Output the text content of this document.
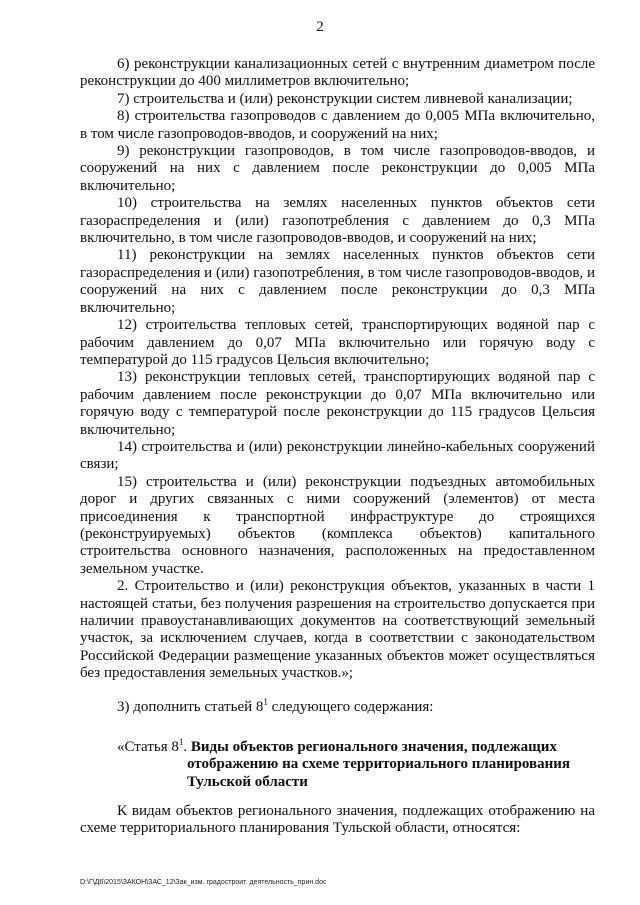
2

6) реконструкции канализационных сетей с внутренним диаметром после реконструкции до 400 миллиметров включительно;

7) строительства и (или) реконструкции систем ливневой канализации;

8) строительства газопроводов с давлением до 0,005 МПа включительно, в том числе газопроводов-вводов, и сооружений на них;

9) реконструкции газопроводов, в том числе газопроводов-вводов, и сооружений на них с давлением после реконструкции до 0,005 МПа включительно;

10) строительства на землях населенных пунктов объектов сети газораспределения и (или) газопотребления с давлением до 0,3 МПа включительно, в том числе газопроводов-вводов, и сооружений на них;

11) реконструкции на землях населенных пунктов объектов сети газораспределения и (или) газопотребления, в том числе газопроводов-вводов, и сооружений на них с давлением после реконструкции до 0,3 МПа включительно;

12) строительства тепловых сетей, транспортирующих водяной пар с рабочим давлением до 0,07 МПа включительно или горячую воду с температурой до 115 градусов Цельсия включительно;

13) реконструкции тепловых сетей, транспортирующих водяной пар с рабочим давлением после реконструкции до 0,07 МПа включительно или горячую воду с температурой после реконструкции до 115 градусов Цельсия включительно;

14) строительства и (или) реконструкции линейно-кабельных сооружений связи;

15) строительства и (или) реконструкции подъездных автомобильных дорог и других связанных с ними сооружений (элементов) от места присоединения к транспортной инфраструктуре до строящихся (реконструируемых) объектов (комплекса объектов) капитального строительства основного назначения, расположенных на предоставленном земельном участке.

2. Строительство и (или) реконструкция объектов, указанных в части 1 настоящей статьи, без получения разрешения на строительство допускается при наличии правоустанавливающих документов на соответствующий земельный участок, за исключением случаев, когда в соответствии с законодательством Российской Федерации размещение указанных объектов может осуществляться без предоставления земельных участков.»;

3) дополнить статьей $8^1$ следующего содержания:
«Статья $8^1$. Виды объектов регионального значения, подлежащих
отображению на схеме территориального планирования
Тульской области

К видам объектов регионального значения, подлежащих отображению на схеме территориального планирования Тульской области, относятся:

D:\Г\Д6\2015\ЗАКОН\ЗАС_12\Зак_изм. градостроит. деятельность_прин.doc
